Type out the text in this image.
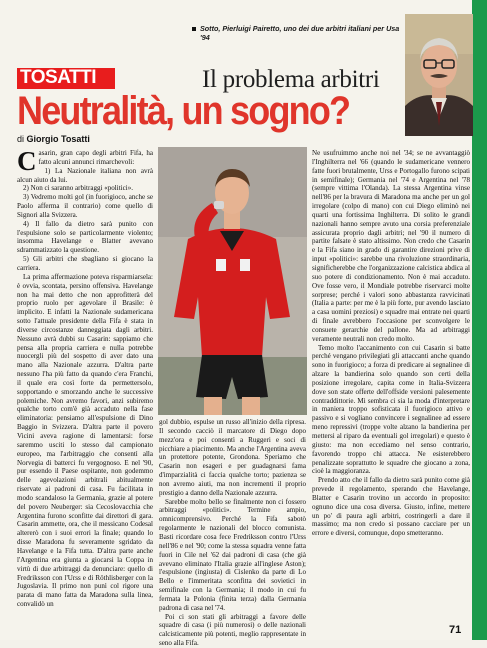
Sotto, Pierluigi Pairetto, uno dei due arbitri italiani per Usa '94
TOSATTI	Il problema arbitri
Neutralità, un sogno?
di Giorgio Tosatti

Casarin, gran capo degli arbitri Fifa, ha fatto alcuni annunci rimarchevoli:

1) La Nazionale italiana non avrà alcun aiuto da lui.

2) Non ci saranno arbitraggi «politici».

3) Vedremo molti gol (in fuorigioco, anche se Paolo afferma il contrario) come quello di Signori alla Svizzera.

4) Il fallo da dietro sarà punito con l'espulsione solo se particolarmente violento; insomma Havelange e Blatter avevano sdrammatizzato la questione.

5) Gli arbitri che sbagliano si giocano la carriera.

La prima affermazione poteva risparmiarsela: è ovvia, scontata, persino offensiva. Havelange non ha mai detto che non approfitterà del proprio ruolo per agevolare il Brasile: è implicito. E infatti la Nazionale sudamericana sotto l'attuale presidente della Fifa è stata in diverse circostanze danneggiata dagli arbitri. Nessuno avrà dubbi su Casarin: sappiamo che pensa alla propria carriera e nulla potrebbe nuocergli più del sospetto di aver dato una mano alla Nazionale azzurra. D'altra parte nessuno l'ha più fatto da quando c'era Franchi, il quale era così forte da permettersolo, sopportando e smorzando anche le successive polemiche. Non avremo favori, anzi subiremo qualche torto com'è già accaduto nella fase eliminatoria: pensiamo all'espulsione di Dino Baggio in Svizzera. D'altra parte il povero Vicini aveva ragione di lamentarsi: forse saremmo usciti lo stesso dal campionato europeo, ma l'arbitraggio che consentì alla Norvegia di batterci fu vergognoso. E nel '90, pur essendo il Paese ospitante, non godemmo delle agevolazioni arbitrali abitualmente riservate ai padroni di casa. Fu facilitata in modo scandaloso la Germania, grazie al potere del povero Neuberger: sia Cecoslovacchia che Argentina furono sconfitte dai direttori di gara. Casarin ammette, ora, che il messicano Codesal altererò con i suoi errori la finale; quando lo disse Maradona fu severamente sgridato da Havelange e la Fifa tutta. D'altra parte anche l'Argentina era giunta a giocarsi la Coppa in virtù di due arbitraggi da denunciare: quello di Fredriksson con l'Urss e di Röthlisberger con la Jugoslavia. Il primo non punì col rigore una parata di mano fatta da Maradona sulla linea, convalidò un

gol dubbio, espulse un russo all'inizio della ripresa. Il secondo cacciò il marcatore di Diego dopo mezz'ora e poi consentì a Ruggeri e soci di picchiare a piacimento. Ma anche l'Argentina aveva un protettore potente, Grondona. Speriamo che Casarin non esageri e per guadagnarsi fama d'imparzialità ci faccia qualche torto; pazienza se non avremo aiuti, ma non incrementi il proprio prestigio a danno della Nazionale azzurra.

Sarebbe molto bello se finalmente non ci fossero arbitraggi «politici». Termine ampio, omnicomprensivo. Perché la Fifa sabotò regolarmente le nazionali del blocco comunista. Basti ricordare cosa fece Fredriksson contro l'Urss nell'86 e nel '90; come la stessa squadra venne fatta fuori in Cile nel '62 dai padroni di casa (che già avevano eliminato l'Italia grazie all'inglese Aston); l'espulsione (ingiusta) di Cislenko da parte di Lo Bello e l'immeritata sconfitta dei sovietici in semifinale con la Germania; il modo in cui fu fermata la Polonia (finita terza) dalla Germania padrona di casa nel '74.

Poi ci son stati gli arbitraggi a favore delle squadre di casa (i più numerosi) o delle nazionali calcisticamente più potenti, meglio rappresentate in seno alla Fifa.

Ne usufruimmo anche noi nel '34; se ne avvantaggiò l'Inghilterra nel '66 (quando le sudamericane vennero fatte fuori brutalmente, Urss e Portogallo furono scipati in semifinale); Germania nel '74 e Argentina nel '78 (sempre vittima l'Olanda). La stessa Argentina vinse nell'86 per la bravura di Maradona ma anche per un gol irregolare (colpo di mano) con cui Diego eliminò nei quarti una fortissima Inghilterra. Di solito le grandi nazionali hanno sempre avuto una corsia preferenziale assicurata proprio dagli arbitri; nel '90 il numero di partite falsate è stato altissimo. Non credo che Casarin e la Fifa siano in grado di garantire direzioni prive di input «politici»: sarebbe una rivoluzione straordinaria, significherebbe che l'organizzazione calcistica abdica al suo potere di condizionamento. Non è mai accaduto. Ove fosse vero, il Mondiale potrebbe riservarci molte sorprese; perché i valori sono abbastanza ravvicinati (Italia a parte: per me è la più forte, pur avendo lasciato a casa uomini preziosi) e squadre mai entrate nei quarti di finale avrebbero l'occasione per sconvolgere le consuete gerarchie del pallone. Ma ad arbitraggi veramente neutrali non credo molto.

Temo molto l'accanimento con cui Casarin si batte perché vengano privilegiati gli attaccanti anche quando sono in fuorigioco; a forza di predicare ai segnalinee di alzare la bandierina solo quando son certi della posizione irregolare, capita come in Italia-Svizzera dove son state offerte dell'offside versioni palesemente contraddittorie. Mi sembra ci sia la moda d'interpretare in maniera troppo sofisticata il fuorigioco attivo e passivo e si vogliano convincere i segnalinee ad essere meno repressivi (troppe volte alzano la bandierina per mettersi al riparo da eventuali gol irregolari) e questo è giusto: ma non eccediamo nel senso contrario, favorendo troppo chi attacca. Ne esisterebbero penalizzate soprattutto le squadre che giocano a zona, cioè la maggioranza.

Prendo atto che il fallo da dietro sarà punito come già prevede il regolamento, sperando che Havelange, Blatter e Casarin trovino un accordo in proposito: ognuno dice una cosa diversa. Giusto, infine, mettere un po' di paura agli arbitri, costringerli a dare il massimo; ma non credo si possano cacciare per un errore e diversi, comunque, dopo smetteranno.

71
